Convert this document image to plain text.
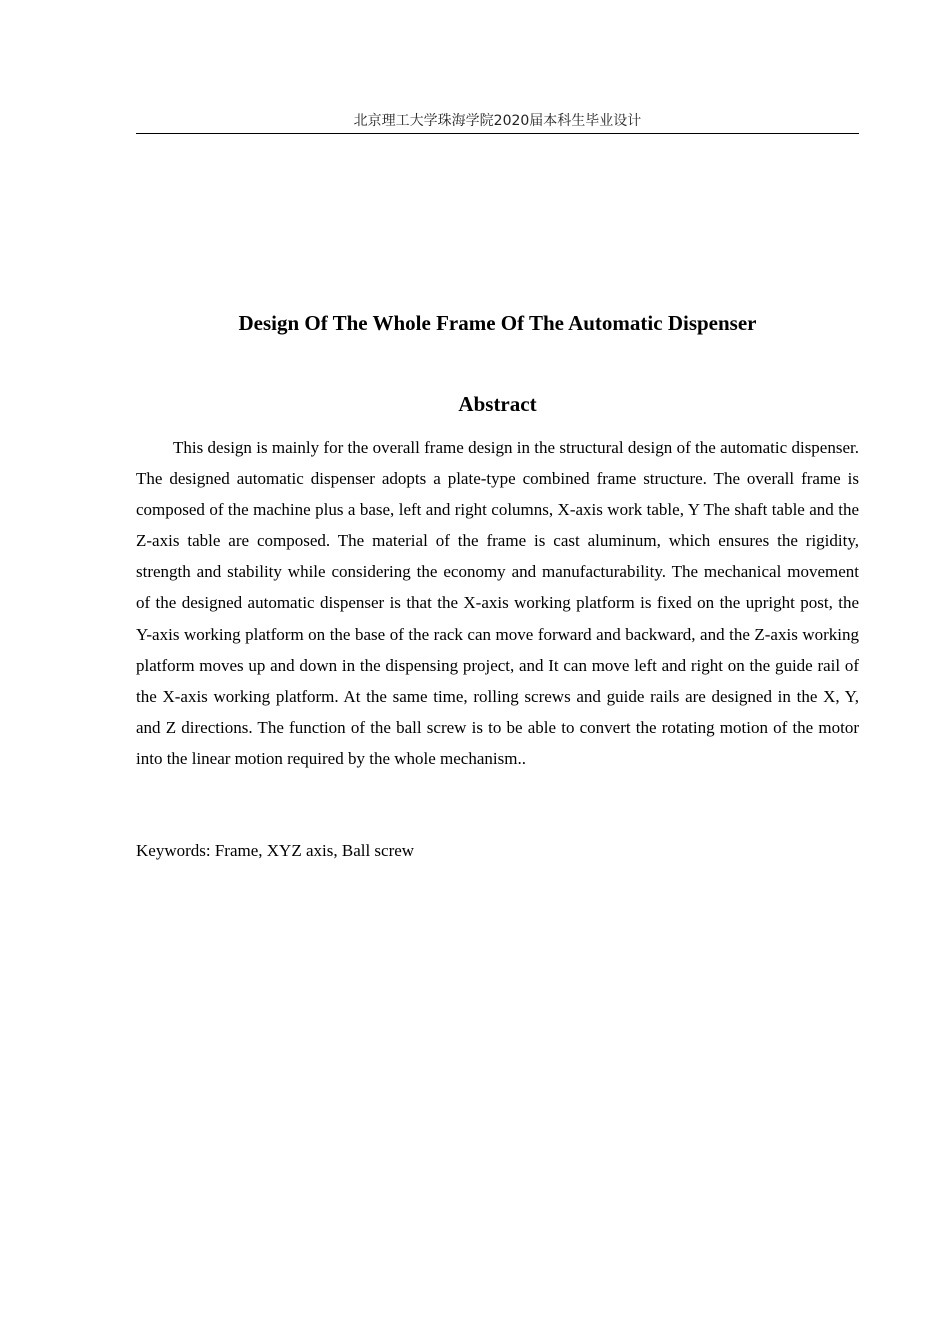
北京理工大学珠海学院2020届本科生毕业设计
Design Of The Whole Frame Of The Automatic Dispenser
Abstract

This design is mainly for the overall frame design in the structural design of the automatic dispenser. The designed automatic dispenser adopts a plate-type combined frame structure. The overall frame is composed of the machine plus a base, left and right columns, X-axis work table, Y The shaft table and the Z-axis table are composed. The material of the frame is cast aluminum, which ensures the rigidity, strength and stability while considering the economy and manufacturability. The mechanical movement of the designed automatic dispenser is that the X-axis working platform is fixed on the upright post, the Y-axis working platform on the base of the rack can move forward and backward, and the Z-axis working platform moves up and down in the dispensing project, and It can move left and right on the guide rail of the X-axis working platform. At the same time, rolling screws and guide rails are designed in the X, Y, and Z directions. The function of the ball screw is to be able to convert the rotating motion of the motor into the linear motion required by the whole mechanism..

Keywords: Frame, XYZ axis, Ball screw
